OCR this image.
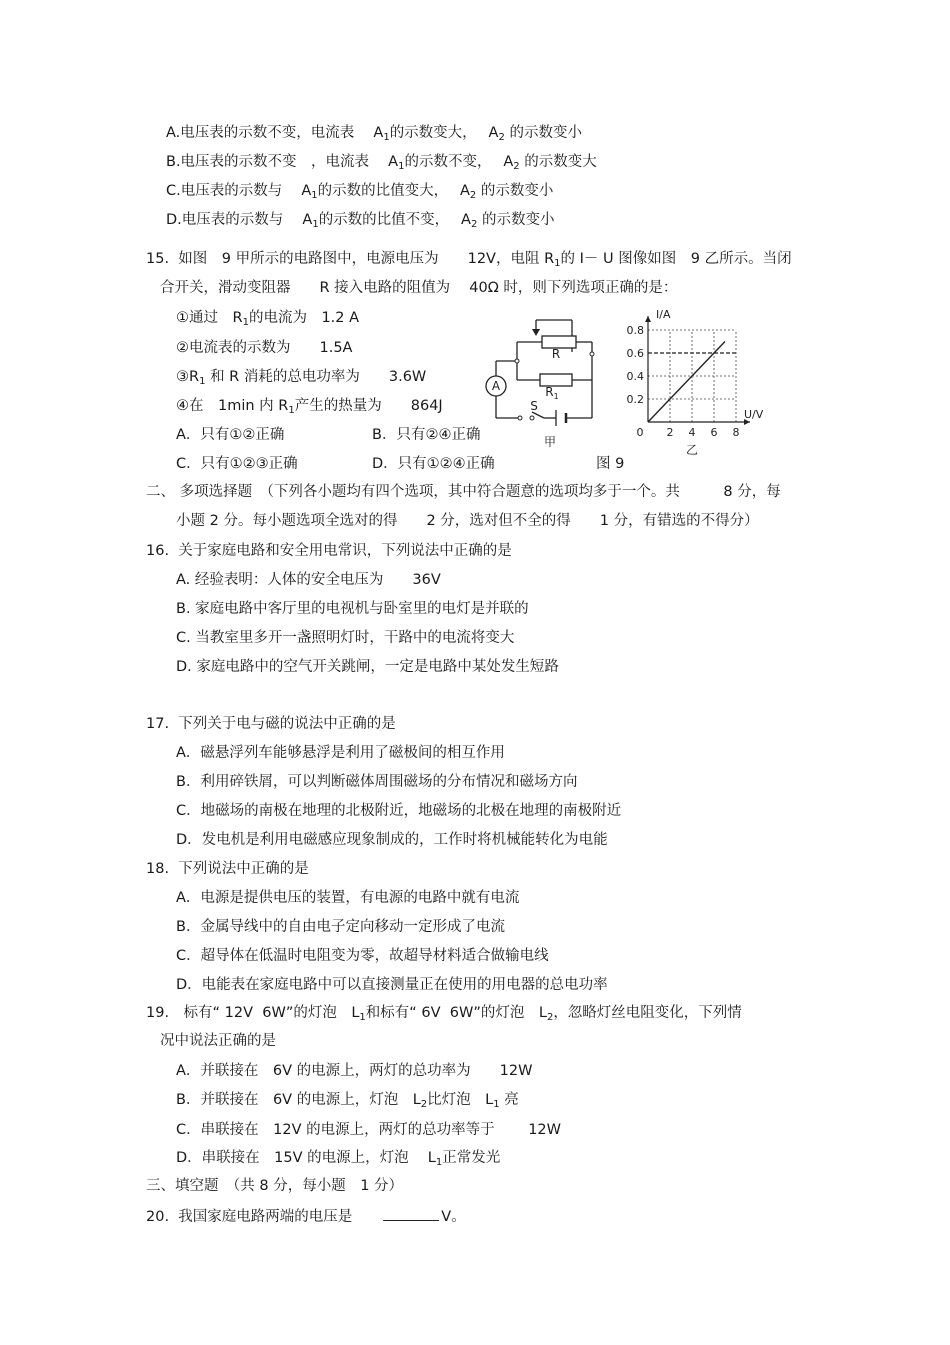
A.电压表的示数不变，电流表　 $A_1$的示数变大，　 $A_2$ 的示数变小
B.电压表的示数不变　，电流表　 $A_1$的示数不变，　 $A_2$ 的示数变大
C.电压表的示数与　 $A_1$的示数的比值变大，　 $A_2$ 的示数变小
D.电压表的示数与　 $A_1$的示数的比值不变，　 $A_2$ 的示数变小
15.  如图　9 甲所示的电路图中，电源电压为　　12V，电阻 $R_1$的 I－ U 图像如图　9 乙所示。当闭
合开关，滑动变阻器　　R 接入电路的阻值为　 40Ω 时，则下列选项正确的是：
①通过　$R_1$的电流为　1.2 A
②电流表的示数为　　1.5A
$③R_1$ 和 R 消耗的总电功率为　　3.6W
④在　1min 内 $R_1$产生的热量为　　864J
A．只有①②正确	B．只有②④正确
C．只有①②③正确	D．只有①②④正确	图 9
A
R
$R_1$
S
甲
0 2 4 6 8
0.2
0.4
0.6
0.8
U/V
I/A
乙
二、 多项选择题　（下列各小题均有四个选项，其中符合题意的选项均多于一个。共　　　8 分，每
小题 2 分。每小题选项全选对的得　　2 分，选对但不全的得　　1 分，有错选的不得分）
16.  关于家庭电路和安全用电常识，下列说法中正确的是
A. 经验表明：人体的安全电压为　　36V
B. 家庭电路中客厅里的电视机与卧室里的电灯是并联的
C. 当教室里多开一盏照明灯时，干路中的电流将变大
D. 家庭电路中的空气开关跳闸，一定是电路中某处发生短路
17.  下列关于电与磁的说法中正确的是
A．磁悬浮列车能够悬浮是利用了磁极间的相互作用
B．利用碎铁屑，可以判断磁体周围磁场的分布情况和磁场方向
C．地磁场的南极在地理的北极附近，地磁场的北极在地理的南极附近
D．发电机是利用电磁感应现象制成的，工作时将机械能转化为电能
18.  下列说法中正确的是
A．电源是提供电压的装置，有电源的电路中就有电流
B．金属导线中的自由电子定向移动一定形成了电流
C．超导体在低温时电阻变为零，故超导材料适合做输电线
D．电能表在家庭电路中可以直接测量正在使用的用电器的总电功率
19.　标有“ 12V  6W”的灯泡　$L_1$和标有“ 6V  6W”的灯泡　$L_2$，忽略灯丝电阻变化，下列情
况中说法正确的是
A．并联接在　6V 的电源上，两灯的总功率为　　12W
B．并联接在　6V 的电源上，灯泡　$L_2$比灯泡　$L_1$ 亮
C．串联接在　12V 的电源上，两灯的总功率等于　　 12W
D．串联接在　15V 的电源上，灯泡　 $L_1$正常发光
三、填空题　（共 8 分，每小题　1 分）
20.  我国家庭电路两端的电压是　　	V。
